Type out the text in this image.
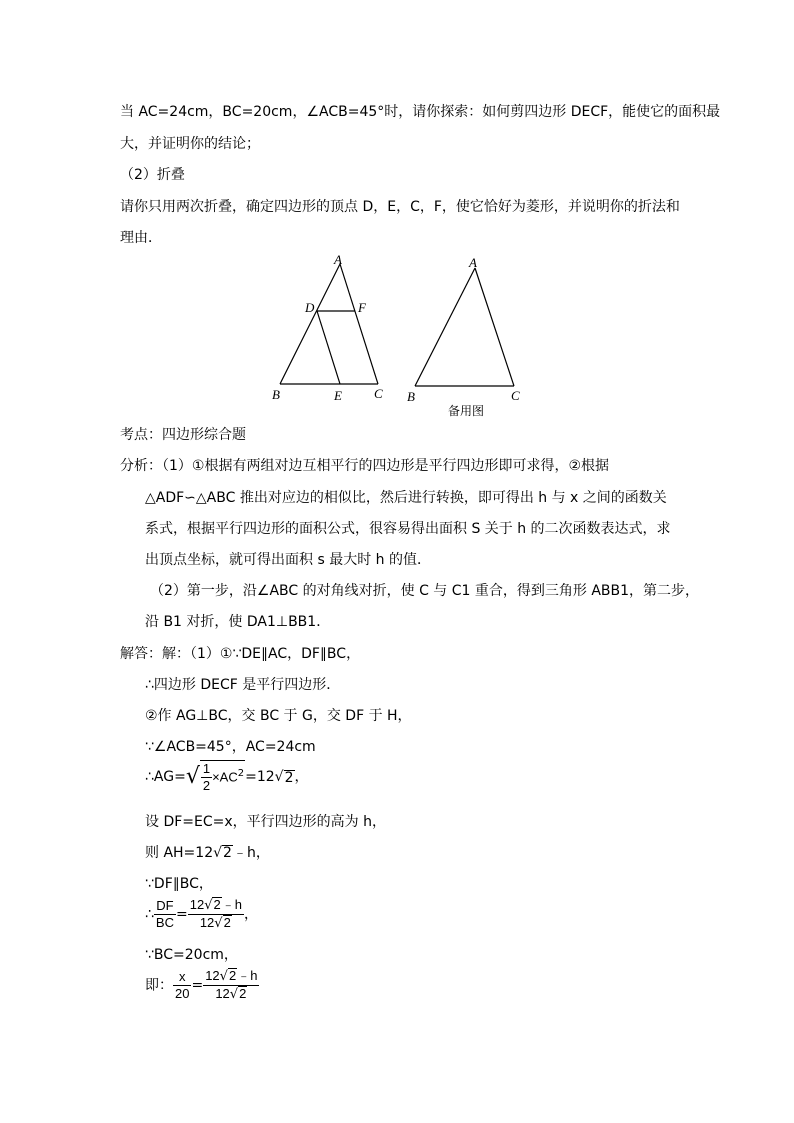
当 AC=24cm，BC=20cm，∠ACB=45°时，请你探索：如何剪四边形 DECF，能使它的面积最
大，并证明你的结论；
（2）折叠
请你只用两次折叠，确定四边形的顶点 D，E，C，F，使它恰好为菱形，并说明你的折法和
理由．
A
D	F
B	E C
A
B	C
备用图
考点：四边形综合题
分析：（1）①根据有两组对边互相平行的四边形是平行四边形即可求得，②根据
△ADF∽△ABC 推出对应边的相似比，然后进行转换，即可得出 h 与 x 之间的函数关
系式，根据平行四边形的面积公式，很容易得出面积 S 关于 h 的二次函数表达式，求
出顶点坐标，就可得出面积 s 最大时 h 的值．
（2）第一步，沿∠ABC 的对角线对折，使 C 与 C1 重合，得到三角形 ABB1，第二步，
沿 B1 对折，使 DA1⊥BB1．
解答：解：（1）①∵DE∥AC，DF∥BC，
∴四边形 DECF 是平行四边形．
②作 AG⊥BC，交 BC 于 G，交 DF 于 H，
∵∠ACB=45°，AC=24cm
∴AG=√ $\frac{1}{2} \times AC^2=12√2$，
设 DF=EC=x，平行四边形的高为 h，
则 AH=12√2﹣h，
∵DF∥BC，
∴ $\frac{DF}{BC} = \frac{12√2﹣h}{12√2}$ ，
∵BC=20cm，
即： $\frac{x}{20} = \frac{12√2﹣h}{12√2}$
